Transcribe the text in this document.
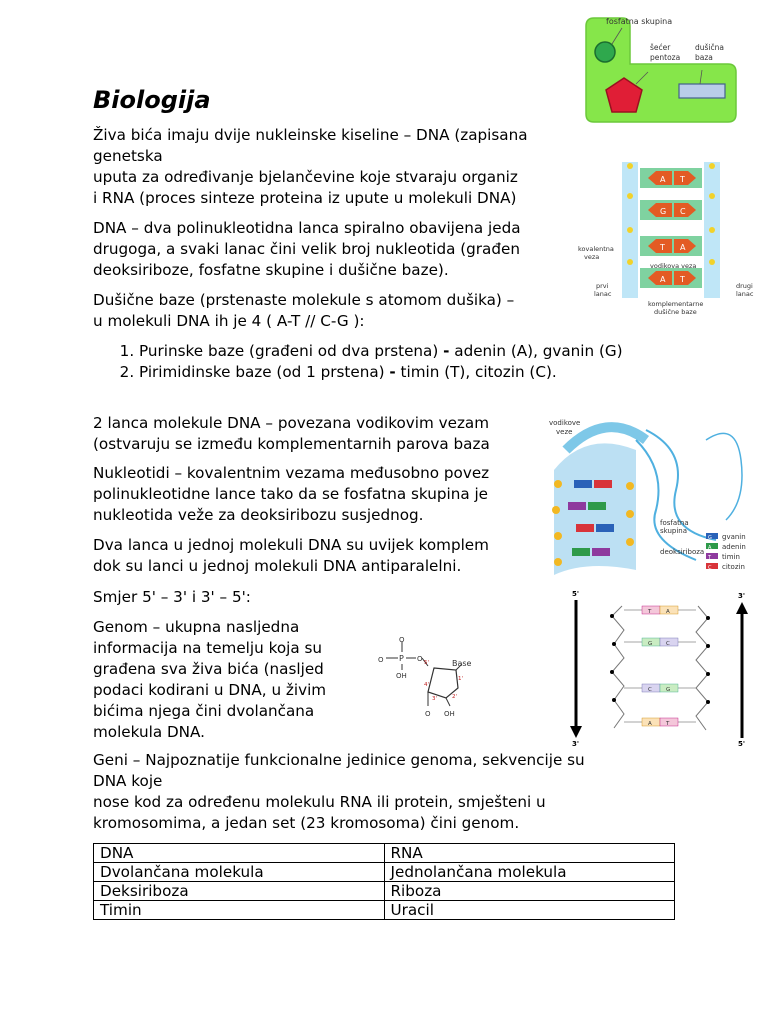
Biologija
Živa bića imaju dvije nukleinske kiseline – DNA (zapisana
genetska
uputa za određivanje bjelančevine koje stvaraju organiz
i RNA (proces sinteze proteina iz upute u molekuli DNA)
DNA – dva polinukleotidna lanca spiralno obavijena jeda
drugoga, a svaki lanac čini velik broj nukleotida (građen
deoksiriboze, fosfatne skupine i dušične baze).
Dušične baze (prstenaste molekule s atomom dušika) –
u molekuli DNA ih je 4 ( A-T // C-G ):
1. Purinske baze (građeni od dva prstena) - adenin (A), gvanin (G)
2. Pirimidinske baze (od 1 prstena) - timin (T), citozin (C).
2 lanca molekule DNA – povezana vodikovim vezam
(ostvaruju se između komplementarnih parova baza
Nukleotidi – kovalentnim vezama međusobno povez
polinukleotidne lance tako da se fosfatna skupina je
nukleotida veže za deoksiribozu susjednog.
Dva lanca u jednoj molekuli DNA su uvijek komplem
dok su lanci u jednoj molekuli DNA antiparalelni.
Smjer 5' – 3' i 3' – 5':
Genom – ukupna nasljedna
informacija na temelju koja su
građena sva živa bića (nasljed
podaci kodirani u DNA, u živim
bićima njega čini dvolančana
molekula DNA.
Geni – Najpoznatije funkcionalne jedinice genoma, sekvencije su
DNA koje
nose kod za određenu molekulu RNA ili protein, smješteni u
kromosomima, a jedan set (23 kromosoma) čini genom.
DNA	RNA
Dvolančana molekula	Jednolančana molekula
Deksiriboza	Riboza
Timin	Uracil
fosfatna skupina
šećer
pentoza
dušična
baza
A T
G C
T A
A T
kovalentna
veza
vodikova veza
prvi
lanac
drugi
lanac
komplementarne
dušične baze
vodikove
veze
fosfatna
skupina
deoksiriboza
G gvanin
A adenin
T timin
C citozin
O P
O
O
OH
Base
5'
4'
1'
3'	2'
O OH
5'
3'
3'
5'
T	A
G C
C	G
A	T
